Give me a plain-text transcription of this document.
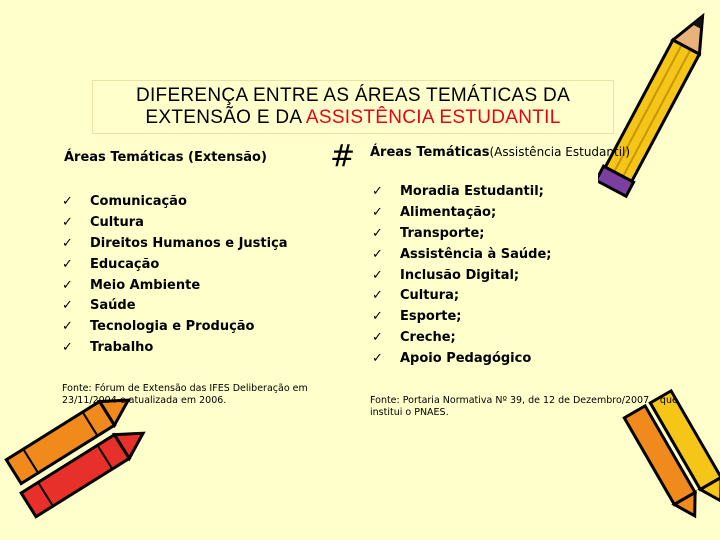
DIFERENÇA ENTRE AS ÁREAS TEMÁTICAS DA
EXTENSÃO E DA ASSISTÊNCIA ESTUDANTIL
Áreas Temáticas (Extensão) # Áreas Temáticas(Assistência Estudantil)
✓ Comunicação
✓ Cultura
✓ Direitos Humanos e Justiça
✓ Educação
✓ Meio Ambiente
✓ Saúde
✓ Tecnologia e Produção
✓ Trabalho
✓ Moradia Estudantil;
✓ Alimentação;
✓ Transporte;
✓ Assistência à Saúde;
✓ Inclusão Digital;
✓ Cultura;
✓ Esporte;
✓ Creche;
✓ Apoio Pedagógico
Fonte: Fórum de Extensão das IFES Deliberação em 23/11/2004 e atualizada em 2006.	Fonte: Portaria Normativa Nº 39, de 12 de Dezembro/2007 – que institui o PNAES.
